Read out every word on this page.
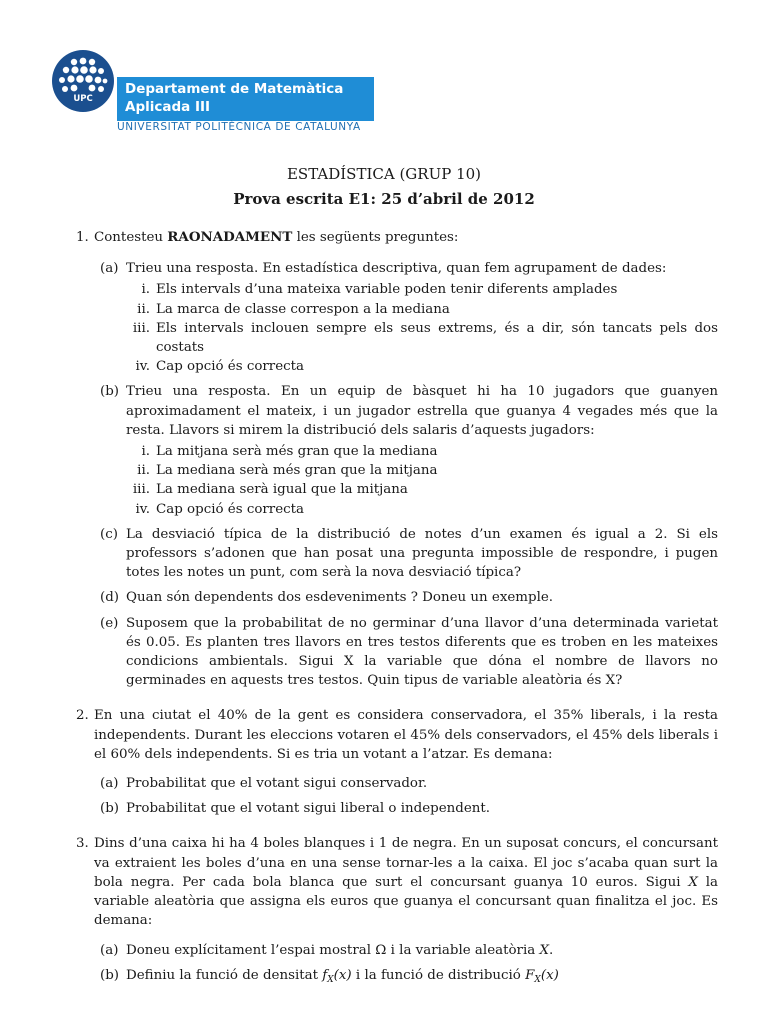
UPC
Departament de Matemàtica
Aplicada III
UNIVERSITAT POLITÈCNICA DE CATALUNYA
ESTADÍSTICA (GRUP 10)
Prova escrita E1: 25 d’abril de 2012
1. Contesteu RAONADAMENT les següents preguntes:
(a) Trieu una resposta. En estadística descriptiva, quan fem agrupament de dades:
i. Els intervals d’una mateixa variable poden tenir diferents amplades
ii. La marca de classe correspon a la mediana
iii. Els intervals inclouen sempre els seus extrems, és a dir, són tancats pels dos costats
iv. Cap opció és correcta
(b) Trieu una resposta. En un equip de bàsquet hi ha 10 jugadors que guanyen aproximadament el mateix, i un jugador estrella que guanya 4 vegades més que la resta. Llavors si mirem la distribució dels salaris d’aquests jugadors:
i. La mitjana serà més gran que la mediana
ii. La mediana serà més gran que la mitjana
iii. La mediana serà igual que la mitjana
iv. Cap opció és correcta
(c) La desviació típica de la distribució de notes d’un examen és igual a 2. Si els professors s’adonen que han posat una pregunta impossible de respondre, i pugen totes les notes un punt, com serà la nova desviació típica?
(d) Quan són dependents dos esdeveniments ? Doneu un exemple.
(e) Suposem que la probabilitat de no germinar d’una llavor d’una determinada varietat és 0.05. Es planten tres llavors en tres testos diferents que es troben en les mateixes condicions ambientals. Sigui X la variable que dóna el nombre de llavors no germinades en aquests tres testos. Quin tipus de variable aleatòria és X?
2. En una ciutat el 40% de la gent es considera conservadora, el 35% liberals, i la resta independents. Durant les eleccions votaren el 45% dels conservadors, el 45% dels liberals i el 60% dels independents. Si es tria un votant a l’atzar. Es demana:
(a) Probabilitat que el votant sigui conservador.
(b) Probabilitat que el votant sigui liberal o independent.
3. Dins d’una caixa hi ha 4 boles blanques i 1 de negra. En un suposat concurs, el concursant va extraient les boles d’una en una sense tornar-les a la caixa. El joc s’acaba quan surt la bola negra. Per cada bola blanca que surt el concursant guanya 10 euros. Sigui X la variable aleatòria que assigna els euros que guanya el concursant quan finalitza el joc. Es demana:
(a) Doneu explícitament l’espai mostral Ω i la variable aleatòria X.
(b) Definiu la funció de densitat $f_X(x)$ i la funció de distribució $F_X(x)$
